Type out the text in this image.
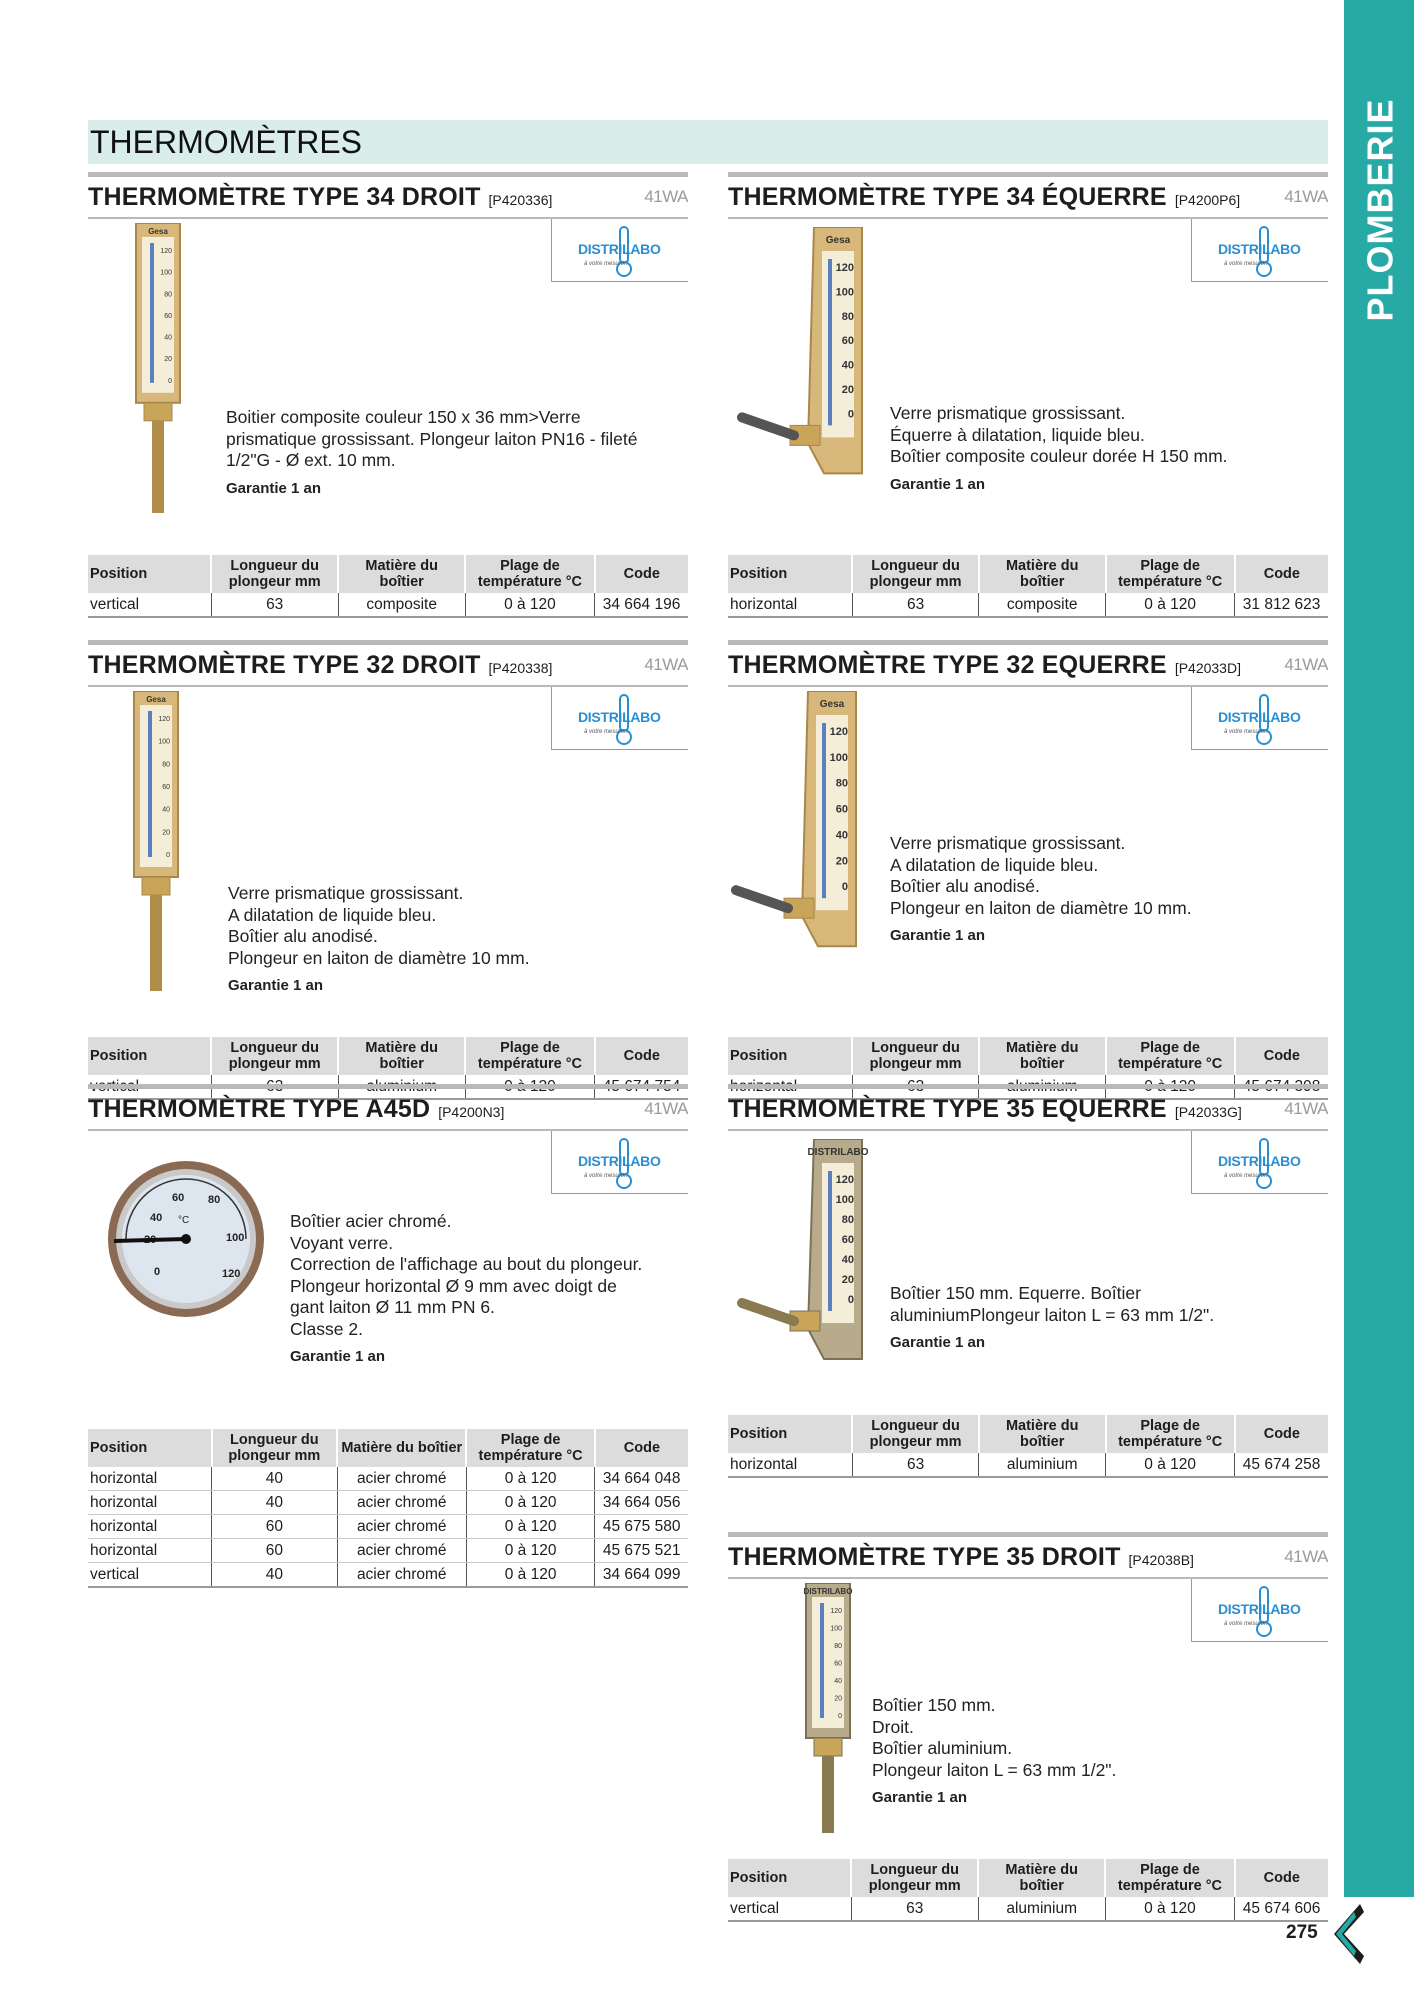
PLOMBERIE
THERMOMÈTRES
275
THERMOMÈTRE TYPE 34 DROIT [P420336]	41WA
DISTRILABO
à votre mesure...
Gesa
120
100
80
60
40
20
0
Boitier composite couleur 150 x 36 mm>Verre
prismatique grossissant. Plongeur laiton PN16 - fileté
1/2"G - Ø ext. 10 mm.
Garantie 1 an
Position	Longueur du plongeur mm	Matière du boîtier	Plage de température °C	Code
vertical	63	composite	0 à 120	34 664 196
THERMOMÈTRE TYPE 34 ÉQUERRE [P4200P6]	41WA
DISTRILABO
à votre mesure...
Gesa
120
100
80
60
40
20
0 Verre prismatique grossissant.
Équerre à dilatation, liquide bleu.
Boîtier composite couleur dorée H 150 mm.
Garantie 1 an
Position	Longueur du plongeur mm	Matière du boîtier	Plage de température °C	Code
horizontal	63	composite	0 à 120	31 812 623
THERMOMÈTRE TYPE 32 DROIT [P420338]	41WA
DISTRILABO
à votre mesure...
Gesa
120
100
80
60
40
20
0
Verre prismatique grossissant.
A dilatation de liquide bleu.
Boîtier alu anodisé.
Plongeur en laiton de diamètre 10 mm.
Garantie 1 an
Position	Longueur du plongeur mm	Matière du boîtier	Plage de température °C	Code
vertical	63	aluminium	0 à 120	45 674 754
THERMOMÈTRE TYPE 32 EQUERRE [P42033D]	41WA
DISTRILABO
à votre mesure...
Gesa
120
100
80
60
40
20
0
Verre prismatique grossissant.
A dilatation de liquide bleu.
Boîtier alu anodisé.
Plongeur en laiton de diamètre 10 mm.
Garantie 1 an
Position	Longueur du plongeur mm	Matière du boîtier	Plage de température °C	Code
horizontal	63	aluminium	0 à 120	45 674 398
THERMOMÈTRE TYPE A45D [P4200N3]	41WA
DISTRILABO
à votre mesure...
40
60 80
100
120
0
°C	Boîtier acier chromé.
Voyant verre.
Correction de l'affichage au bout du plongeur.
Plongeur horizontal Ø 9 mm avec doigt de
gant laiton Ø 11 mm PN 6.
Classe 2.
Garantie 1 an
Position	Longueur du plongeur mm	Matière du boîtier	Plage de température °C	Code
horizontal	40	acier chromé	0 à 120	34 664 048
horizontal	40	acier chromé	0 à 120	34 664 056
horizontal	60	acier chromé	0 à 120	45 675 580
horizontal	60	acier chromé	0 à 120	45 675 521
vertical	40	acier chromé	0 à 120	34 664 099
THERMOMÈTRE TYPE 35 EQUERRE [P42033G]	41WA
DISTRILABO
à votre mesure...
DISTRILABO
120
100
80
60
40
20
0 Boîtier 150 mm. Equerre. Boîtier
aluminiumPlongeur laiton L = 63 mm 1/2".
Garantie 1 an
Position	Longueur du plongeur mm	Matière du boîtier	Plage de température °C	Code
horizontal	63	aluminium	0 à 120	45 674 258
THERMOMÈTRE TYPE 35 DROIT [P42038B]	41WA
DISTRILABO
à votre mesure...
DISTRILABO
120
100
80
60
40
20
0
Boîtier 150 mm.
Droit.
Boîtier aluminium.
Plongeur laiton L = 63 mm 1/2".
Garantie 1 an
Position	Longueur du plongeur mm	Matière du boîtier	Plage de température °C	Code
vertical	63	aluminium	0 à 120	45 674 606
